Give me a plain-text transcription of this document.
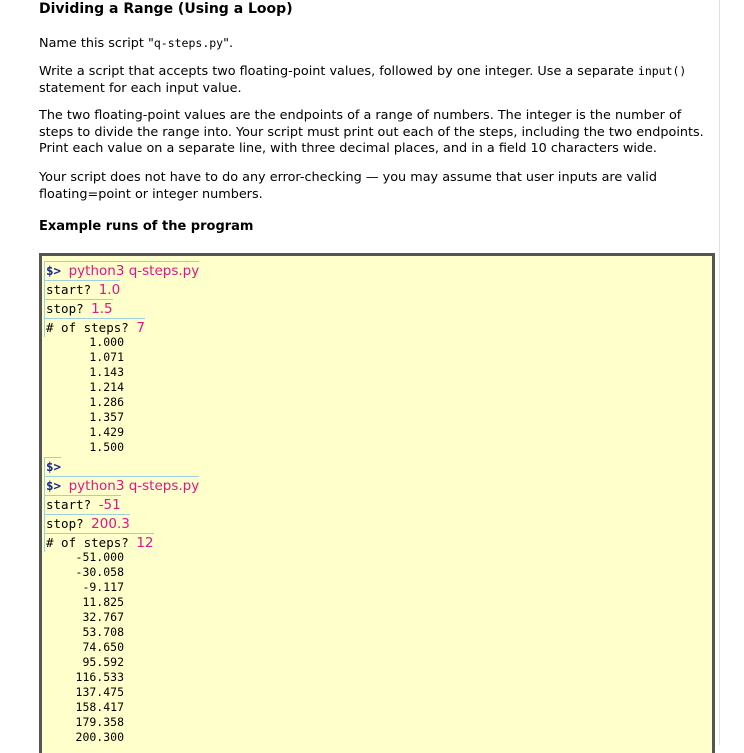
Dividing a Range (Using a Loop)

Name this script "q-steps.py".

Write a script that accepts two floating-point values, followed by one integer. Use a separate input() statement for each input value.

The two floating-point values are the endpoints of a range of numbers. The integer is the number of steps to divide the range into. Your script must print out each of the steps, including the two endpoints. Print each value on a separate line, with three decimal places, and in a field 10 characters wide.

Your script does not have to do any error-checking — you may assume that user inputs are valid floating=point or integer numbers.

Example runs of the program
$> python3 q-steps.py
start? 1.0
stop? 1.5
# of steps? 7
1.000
1.071
1.143
1.214
1.286
1.357
1.429
1.500
$>
$> python3 q-steps.py
start? -51
stop? 200.3
# of steps? 12
-51.000
-30.058
-9.117
11.825
32.767
53.708
74.650
95.592
116.533
137.475
158.417
179.358
200.300
